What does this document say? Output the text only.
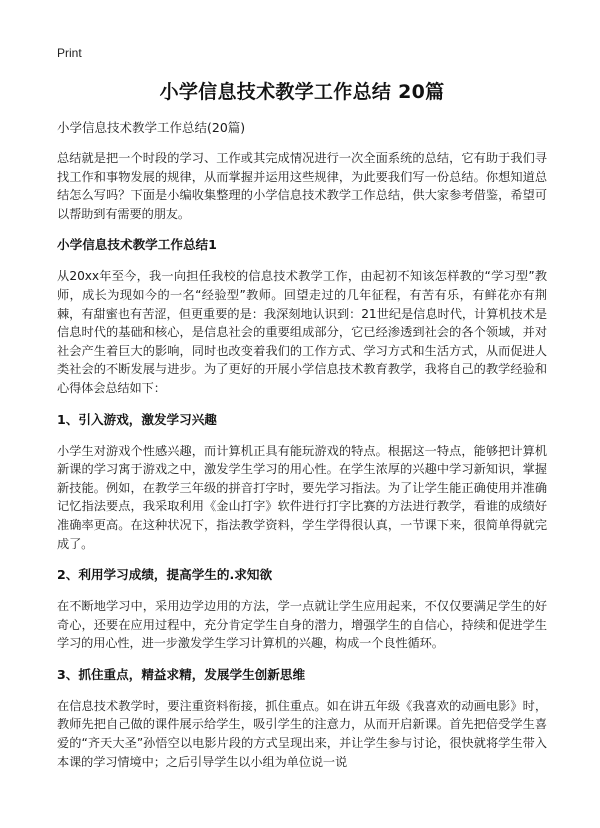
Print
小学信息技术教学工作总结 20篇
小学信息技术教学工作总结(20篇)

总结就是把一个时段的学习、工作或其完成情况进行一次全面系统的总结，它有助于我们寻找工作和事物发展的规律，从而掌握并运用这些规律，为此要我们写一份总结。你想知道总结怎么写吗？下面是小编收集整理的小学信息技术教学工作总结，供大家参考借鉴，希望可以帮助到有需要的朋友。

小学信息技术教学工作总结1

从20xx年至今，我一向担任我校的信息技术教学工作，由起初不知该怎样教的“学习型”教师，成长为现如今的一名“经验型”教师。回望走过的几年征程，有苦有乐，有鲜花亦有荆棘，有甜蜜也有苦涩，但更重要的是：我深刻地认识到：21世纪是信息时代，计算机技术是信息时代的基础和核心，是信息社会的重要组成部分，它已经渗透到社会的各个领域，并对社会产生着巨大的影响，同时也改变着我们的工作方式、学习方式和生活方式，从而促进人类社会的不断发展与进步。为了更好的开展小学信息技术教育教学，我将自己的教学经验和心得体会总结如下：

1、引入游戏，激发学习兴趣

小学生对游戏个性感兴趣，而计算机正具有能玩游戏的特点。根据这一特点，能够把计算机新课的学习寓于游戏之中，激发学生学习的用心性。在学生浓厚的兴趣中学习新知识，掌握新技能。例如，在教学三年级的拼音打字时，要先学习指法。为了让学生能正确使用并准确记忆指法要点，我采取利用《金山打字》软件进行打字比赛的方法进行教学，看谁的成绩好准确率更高。在这种状况下，指法教学资料，学生学得很认真，一节课下来，很简单得就完成了。

2、利用学习成绩，提高学生的.求知欲

在不断地学习中，采用边学边用的方法，学一点就让学生应用起来，不仅仅要满足学生的好奇心，还要在应用过程中，充分肯定学生自身的潜力，增强学生的自信心，持续和促进学生学习的用心性，进一步激发学生学习计算机的兴趣，构成一个良性循环。

3、抓住重点，精益求精，发展学生创新思维

在信息技术教学时，要注重资料衔接，抓住重点。如在讲五年级《我喜欢的动画电影》时，教师先把自己做的课件展示给学生，吸引学生的注意力，从而开启新课。首先把倍受学生喜爱的“齐天大圣”孙悟空以电影片段的方式呈现出来，并让学生参与讨论，很快就将学生带入本课的学习情境中；之后引导学生以小组为单位说一说
